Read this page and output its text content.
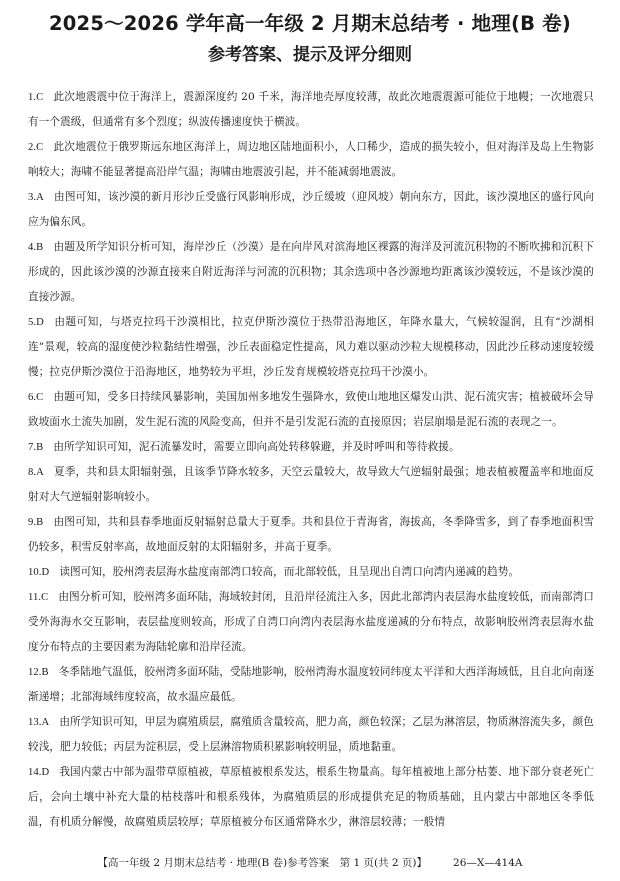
2025～2026 学年高一年级 2 月期末总结考 · 地理(B 卷)
参考答案、提示及评分细则

1.C 此次地震震中位于海洋上，震源深度约 20 千米，海洋地壳厚度较薄，故此次地震震源可能位于地幔；一次地震只有一个震级，但通常有多个烈度；纵波传播速度快于横波。

2.C 此次地震位于俄罗斯远东地区海洋上，周边地区陆地面积小，人口稀少，造成的损失较小，但对海洋及岛上生物影响较大；海啸不能显著提高沿岸气温；海啸由地震波引起，并不能减弱地震波。

3.A 由图可知，该沙漠的新月形沙丘受盛行风影响形成，沙丘缓坡（迎风坡）朝向东方，因此，该沙漠地区的盛行风向应为偏东风。

4.B 由题及所学知识分析可知，海岸沙丘（沙漠）是在向岸风对滨海地区裸露的海洋及河流沉积物的不断吹拂和沉积下形成的，因此该沙漠的沙源直接来自附近海洋与河流的沉积物；其余选项中各沙源地均距离该沙漠较远，不是该沙漠的直接沙源。

5.D 由题可知，与塔克拉玛干沙漠相比，拉克伊斯沙漠位于热带沿海地区，年降水量大，气候较湿润，且有“沙湖相连”景观，较高的湿度使沙粒黏结性增强，沙丘表面稳定性提高，风力难以驱动沙粒大规模移动，因此沙丘移动速度较缓慢；拉克伊斯沙漠位于沿海地区，地势较为平坦，沙丘发育规模较塔克拉玛干沙漠小。

6.C 由题可知，受多日持续风暴影响，美国加州多地发生强降水，致使山地地区爆发山洪、泥石流灾害；植被破坏会导致坡面水土流失加剧，发生泥石流的风险变高，但并不是引发泥石流的直接原因；岩层崩塌是泥石流的表现之一。

7.B 由所学知识可知，泥石流暴发时，需要立即向高处转移躲避，并及时呼叫和等待救援。

8.A 夏季，共和县太阳辐射强，且该季节降水较多，天空云量较大，故导致大气逆辐射最强；地表植被覆盖率和地面反射对大气逆辐射影响较小。

9.B 由图可知，共和县春季地面反射辐射总量大于夏季。共和县位于青海省，海拔高，冬季降雪多，到了春季地面积雪仍较多，积雪反射率高，故地面反射的太阳辐射多，并高于夏季。

10.D 读图可知，胶州湾表层海水盐度南部湾口较高，而北部较低，且呈现出自湾口向湾内递减的趋势。

11.C 由图分析可知，胶州湾多面环陆，海域较封闭，且沿岸径流注入多，因此北部湾内表层海水盐度较低，而南部湾口受外海海水交互影响，表层盐度则较高，形成了自湾口向湾内表层海水盐度递减的分布特点，故影响胶州湾表层海水盐度分布特点的主要因素为海陆轮廓和沿岸径流。

12.B 冬季陆地气温低，胶州湾多面环陆，受陆地影响，胶州湾海水温度较同纬度太平洋和大西洋海域低，且自北向南逐渐递增；北部海域纬度较高，故水温应最低。

13.A 由所学知识可知，甲层为腐殖质层，腐殖质含量较高，肥力高，颜色较深；乙层为淋溶层，物质淋溶流失多，颜色较浅，肥力较低；丙层为淀积层，受上层淋溶物质积累影响较明显，质地黏重。

14.D 我国内蒙古中部为温带草原植被，草原植被根系发达，根系生物量高。每年植被地上部分枯萎、地下部分衰老死亡后，会向土壤中补充大量的枯枝落叶和根系残体，为腐殖质层的形成提供充足的物质基础，且内蒙古中部地区冬季低温，有机质分解慢，故腐殖质层较厚；草原植被分布区通常降水少，淋溶层较薄；一般情

【高一年级 2 月期末总结考 · 地理(B 卷)参考答案　第 1 页(共 2 页)】 26—X—414A
